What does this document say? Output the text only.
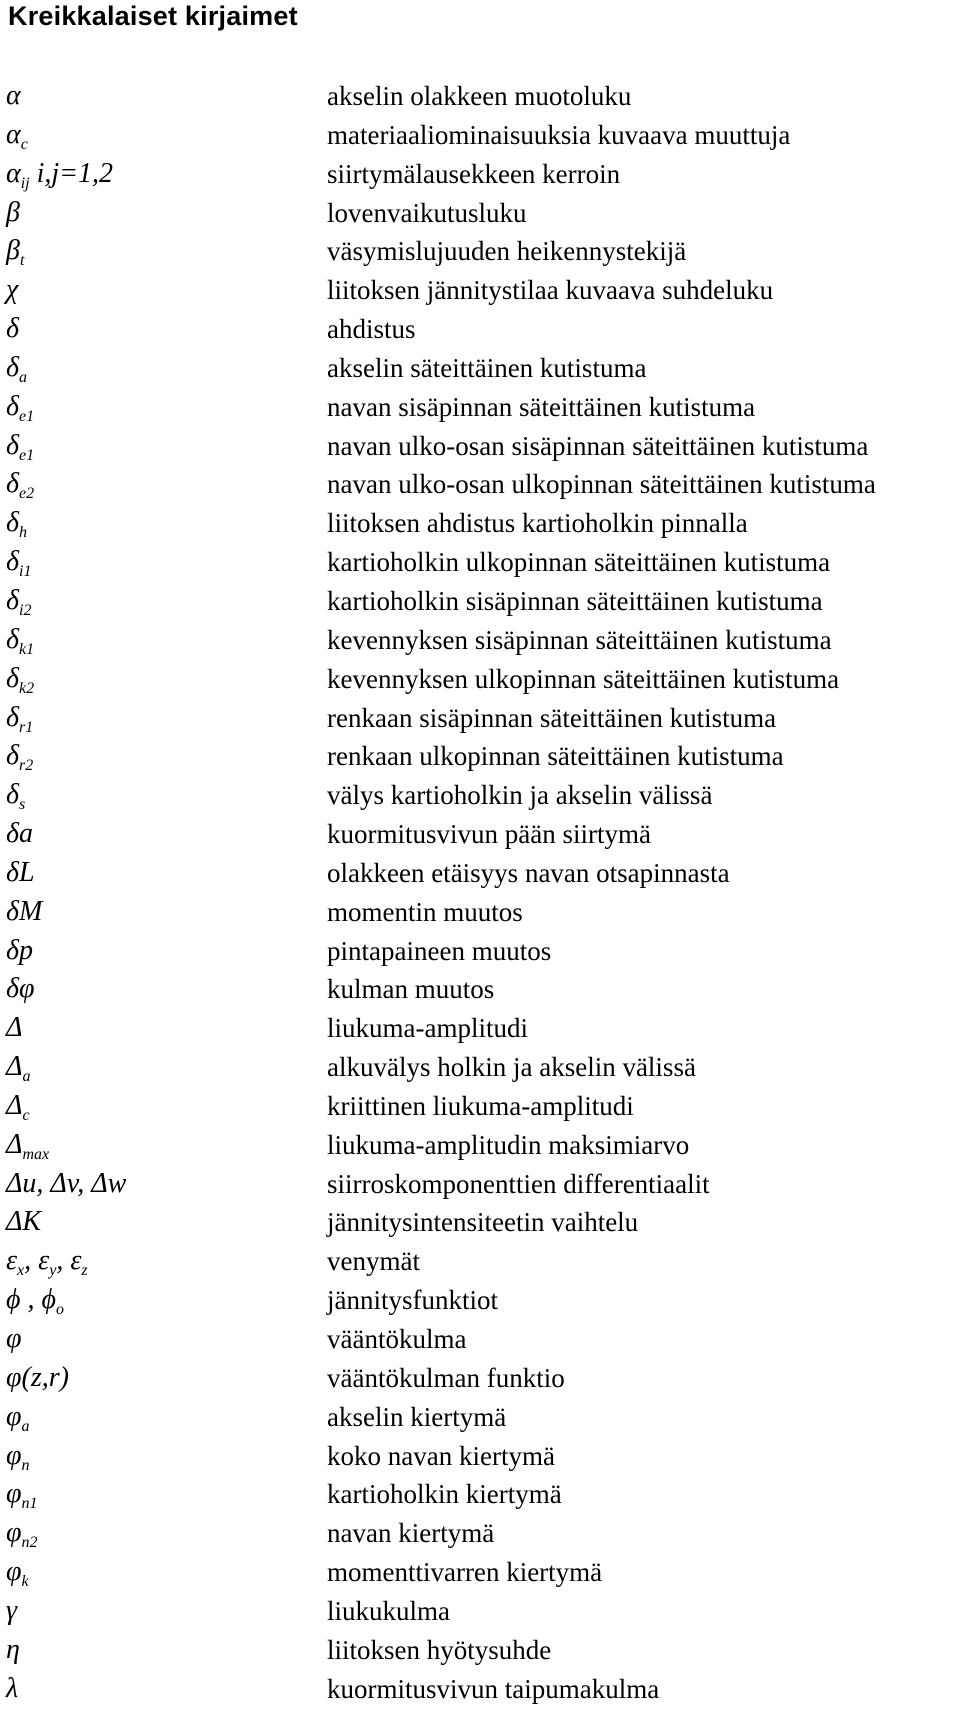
Kreikkalaiset kirjaimet
α	akselin olakkeen muotoluku
$\alpha_c$	materiaaliominaisuuksia kuvaava muuttuja
$\alpha_{ij}$ i,j=1,2	siirtymälausekkeen kerroin
β	lovenvaikutusluku
$\beta_t$	väsymislujuuden heikennystekijä
χ	liitoksen jännitystilaa kuvaava suhdeluku
δ	ahdistus
$\delta_a$	akselin säteittäinen kutistuma
$\delta_{e1}$	navan sisäpinnan säteittäinen kutistuma
$\delta_{e1}$	navan ulko-osan sisäpinnan säteittäinen kutistuma
$\delta_{e2}$	navan ulko-osan ulkopinnan säteittäinen kutistuma
$\delta_h$	liitoksen ahdistus kartioholkin pinnalla
$\delta_{i1}$	kartioholkin ulkopinnan säteittäinen kutistuma
$\delta_{i2}$	kartioholkin sisäpinnan säteittäinen kutistuma
$\delta_{k1}$	kevennyksen sisäpinnan säteittäinen kutistuma
$\delta_{k2}$	kevennyksen ulkopinnan säteittäinen kutistuma
$\delta_{r1}$	renkaan sisäpinnan säteittäinen kutistuma
$\delta_{r2}$	renkaan ulkopinnan säteittäinen kutistuma
$\delta_s$	välys kartioholkin ja akselin välissä
δa	kuormitusvivun pään siirtymä
δL	olakkeen etäisyys navan otsapinnasta
δM	momentin muutos
δp	pintapaineen muutos
δφ	kulman muutos
Δ	liukuma-amplitudi
$\Delta_a$	alkuvälys holkin ja akselin välissä
$\Delta_c$	kriittinen liukuma-amplitudi
$\Delta_{max}$	liukuma-amplitudin maksimiarvo
Δu, Δv, Δw	siirroskomponenttien differentiaalit
ΔK	jännitysintensiteetin vaihtelu
$\varepsilon_x$, $\varepsilon_y$, $\varepsilon_z$	venymät
ϕ , $\phi_o$	jännitysfunktiot
φ	vääntökulma
φ(z,r)	vääntökulman funktio
$\varphi_a$	akselin kiertymä
$\varphi_n$	koko navan kiertymä
$\varphi_{n1}$	kartioholkin kiertymä
$\varphi_{n2}$	navan kiertymä
$\varphi_k$	momenttivarren kiertymä
γ	liukukulma
η	liitoksen hyötysuhde
λ	kuormitusvivun taipumakulma
